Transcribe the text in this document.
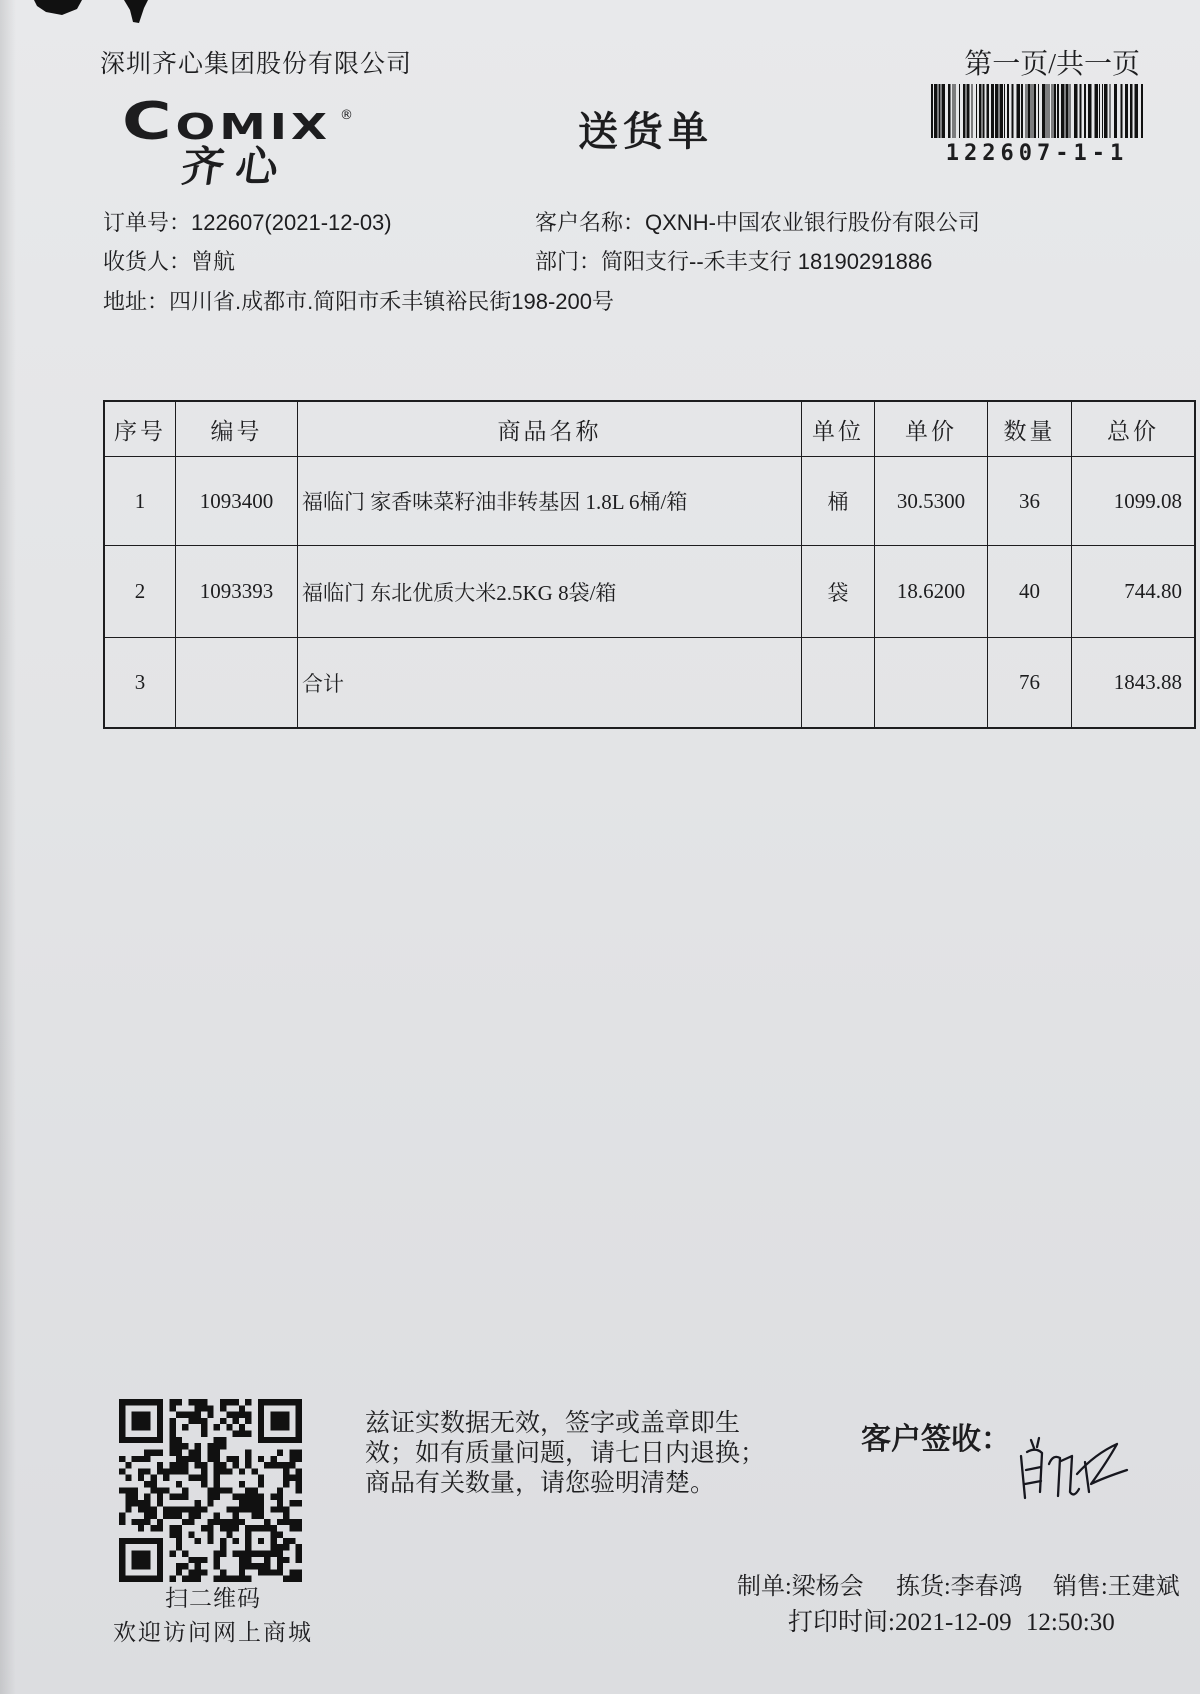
深圳齐心集团股份有限公司	第一页/共一页
122607-1-1
Comix ®
齐心
送货单
订单号：122607(2021-12-03)	客户名称：QXNH-中国农业银行股份有限公司
收货人：曾航	部门：简阳支行--禾丰支行 18190291886
地址：四川省.成都市.简阳市禾丰镇裕民街198-200号
序号	编号	商品名称	单位	单价	数量	总价
1	1093400	福临门 家香味菜籽油非转基因 1.8L 6桶/箱	桶	30.5300	36	1099.08
2	1093393	福临门 东北优质大米2.5KG 8袋/箱	袋	18.6200	40	744.80
3		合计			76	1843.88
扫二维码
欢迎访问网上商城
兹证实数据无效，签字或盖章即生
效；如有质量问题，请七日内退换；
商品有关数量，请您验明清楚。
客户签收：
制单:梁杨会 拣货:李春鸿 销售:王建斌
打印时间:2021-12-09 12:50:30
